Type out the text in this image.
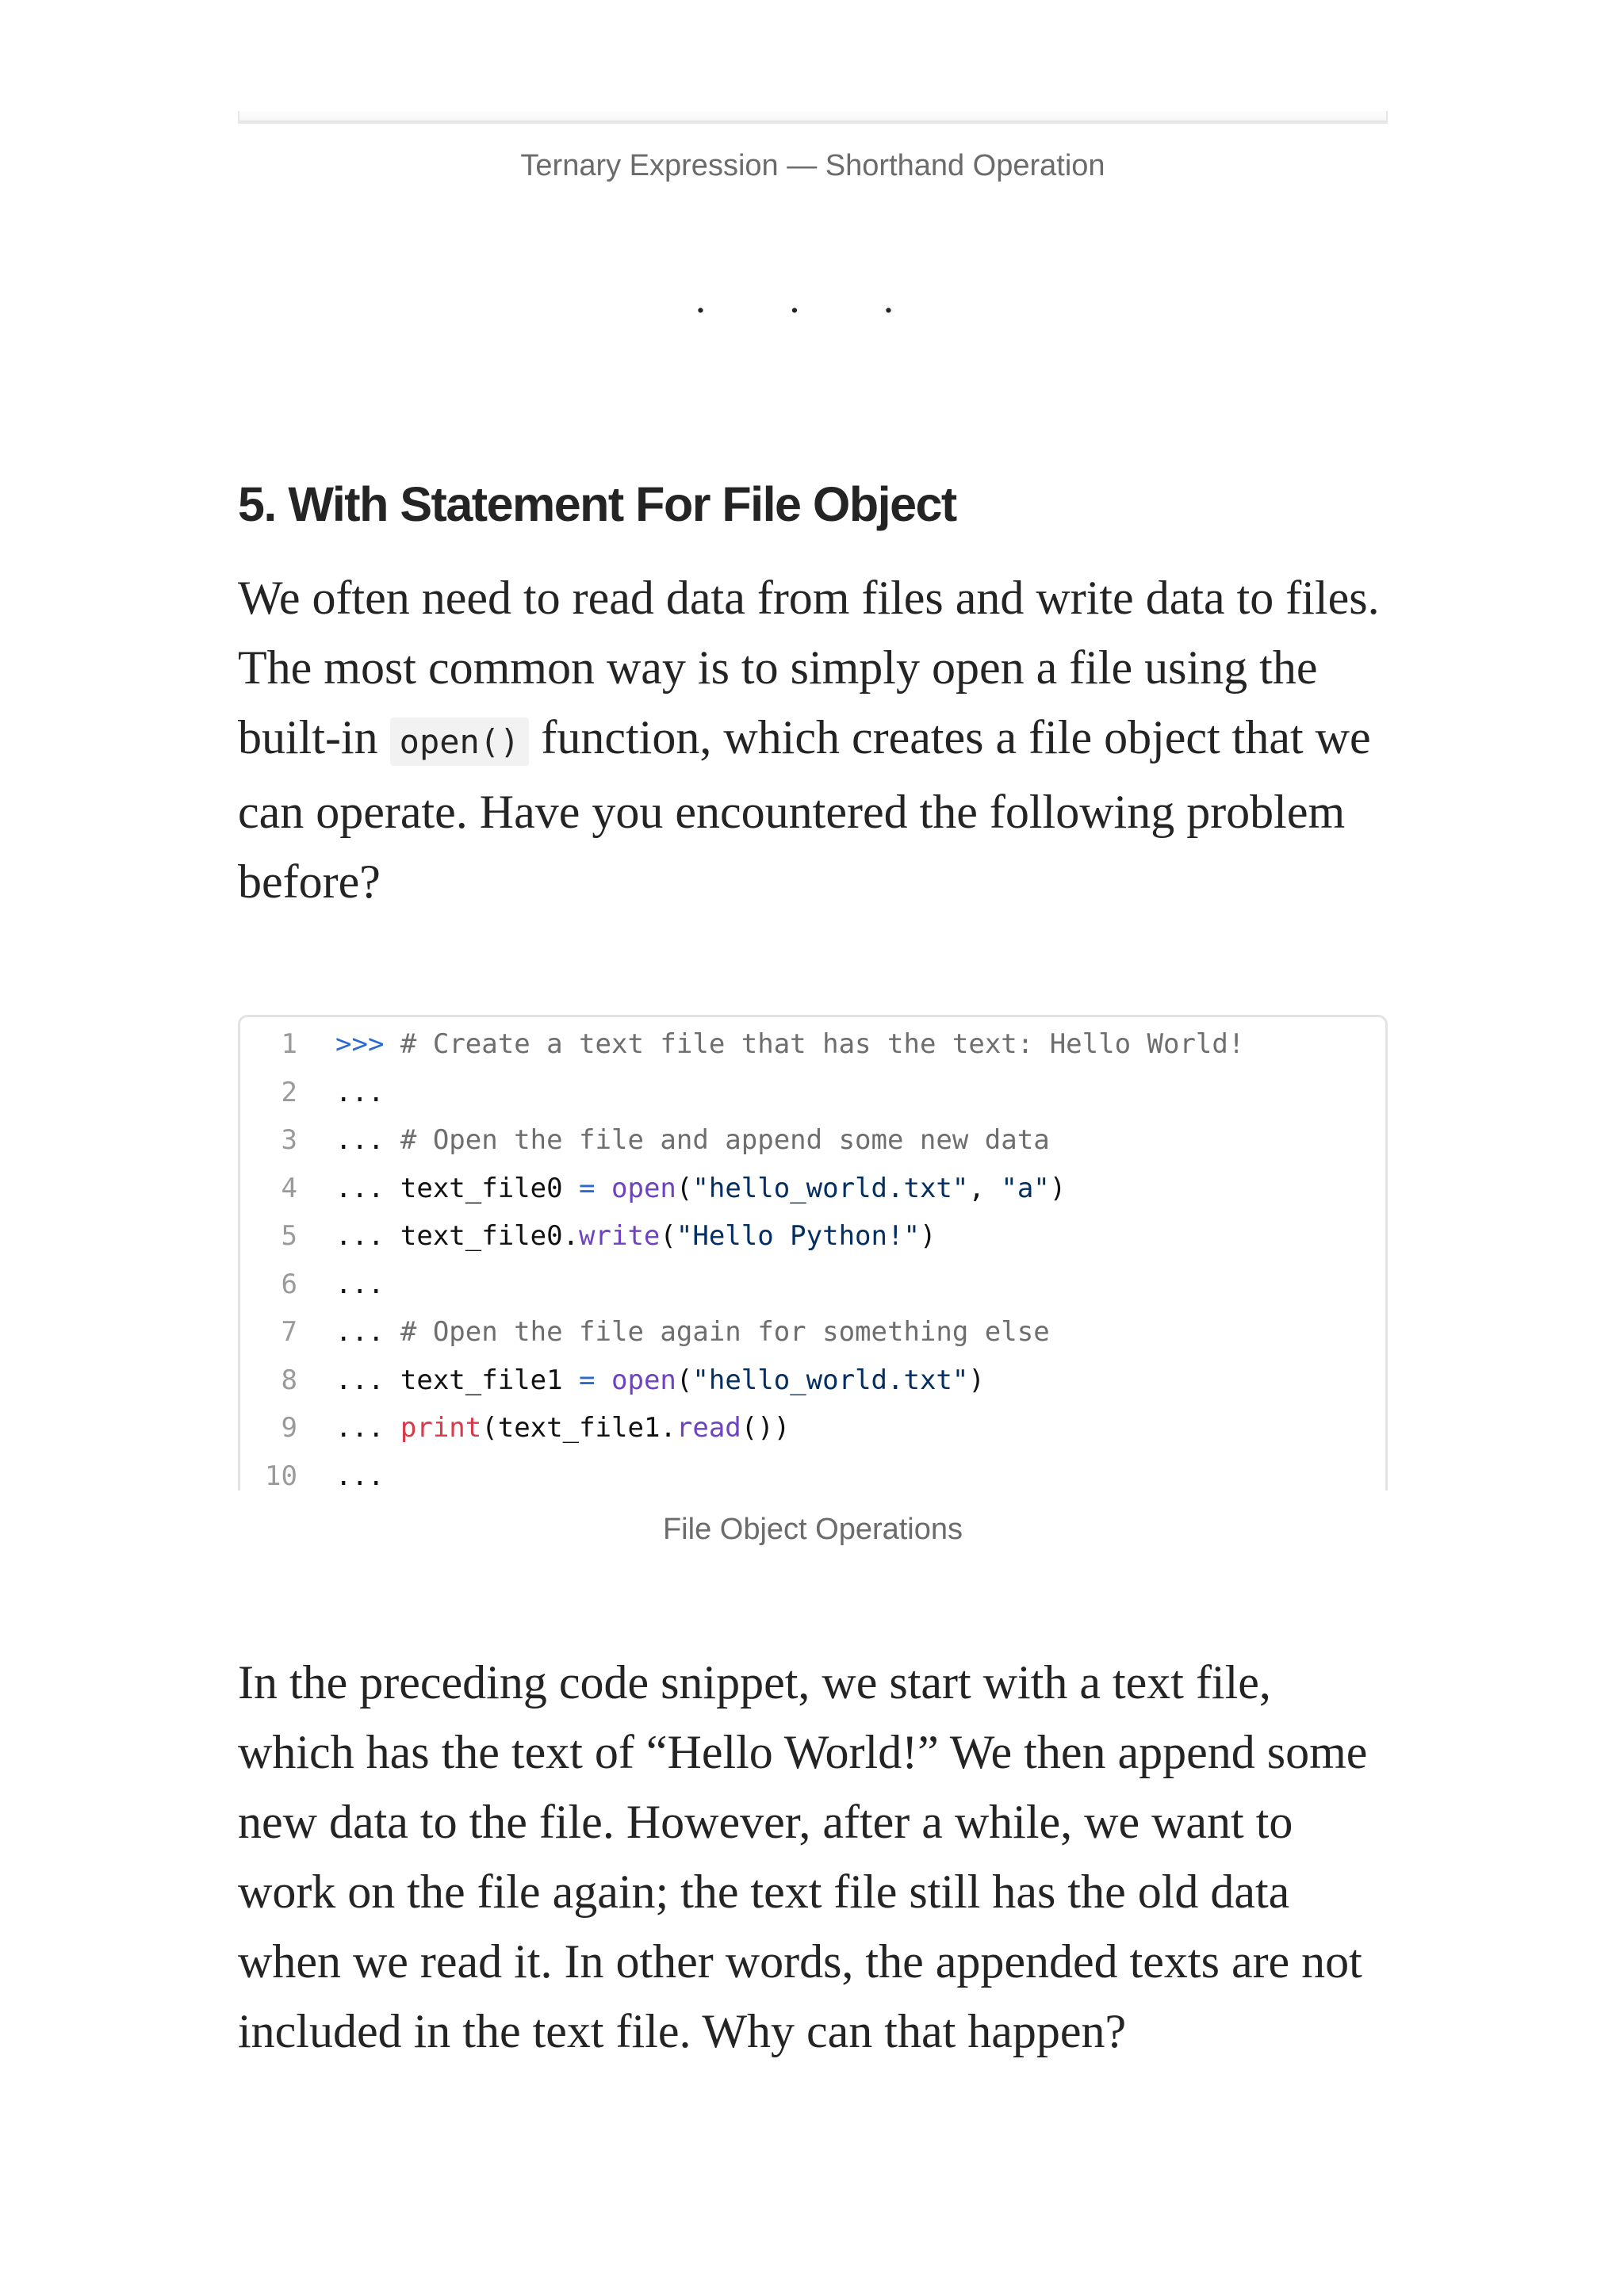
Ternary Expression — Shorthand Operation
· · ·
5. With Statement For File Object

We often need to read data from files and write data to files. The most common way is to simply open a file using the built-in open() function, which creates a file object that we can operate. Have you encountered the following problem before?

1 >>> # Create a text file that has the text: Hello World!
2 ...
3 ... # Open the file and append some new data
4 ... text_file0 = open("hello_world.txt", "a")
5 ... text_file0.write("Hello Python!")
6 ...
7 ... # Open the file again for something else
8 ... text_file1 = open("hello_world.txt")
9 ... print(text_file1.read())
10 ...
File Object Operations

In the preceding code snippet, we start with a text file, which has the text of “Hello World!” We then append some new data to the file. However, after a while, we want to work on the file again; the text file still has the old data when we read it. In other words, the appended texts are not included in the text file. Why can that happen?
